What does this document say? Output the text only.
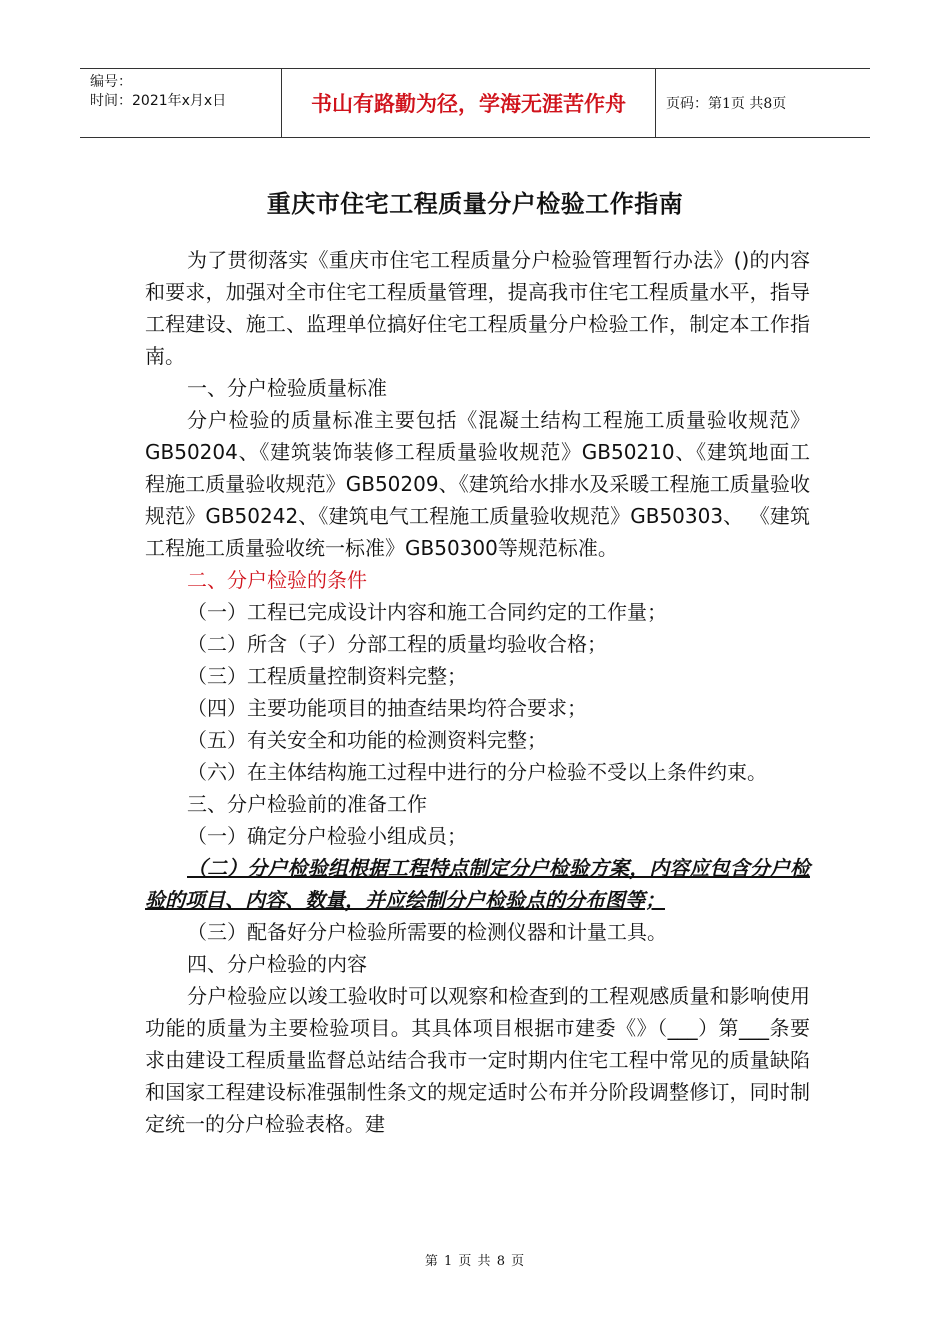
编号：
时间：2021年x月x日	书山有路勤为径，学海无涯苦作舟	页码：第1页 共8页
重庆市住宅工程质量分户检验工作指南

为了贯彻落实《重庆市住宅工程质量分户检验管理暂行办法》()的内容和要求，加强对全市住宅工程质量管理，提高我市住宅工程质量水平，指导工程建设、施工、监理单位搞好住宅工程质量分户检验工作，制定本工作指南。

一、分户检验质量标准

分户检验的质量标准主要包括《混凝土结构工程施工质量验收规范》GB50204、《建筑装饰装修工程质量验收规范》GB50210、《建筑地面工程施工质量验收规范》GB50209、《建筑给水排水及采暖工程施工质量验收规范》GB50242、《建筑电气工程施工质量验收规范》GB50303、 《建筑工程施工质量验收统一标准》GB50300等规范标准。

二、分户检验的条件

（一）工程已完成设计内容和施工合同约定的工作量；

（二）所含（子）分部工程的质量均验收合格；

（三）工程质量控制资料完整；

（四）主要功能项目的抽查结果均符合要求；

（五）有关安全和功能的检测资料完整；

（六）在主体结构施工过程中进行的分户检验不受以上条件约束。

三、分户检验前的准备工作

（一）确定分户检验小组成员；

（二）分户检验组根据工程特点制定分户检验方案，内容应包含分户检验的项目、内容、数量，并应绘制分户检验点的分布图等；

（三）配备好分户检验所需要的检测仪器和计量工具。

四、分户检验的内容

分户检验应以竣工验收时可以观察和检查到的工程观感质量和影响使用功能的质量为主要检验项目。其具体项目根据市建委《》（___）第___条要求由建设工程质量监督总站结合我市一定时期内住宅工程中常见的质量缺陷和国家工程建设标准强制性条文的规定适时公布并分阶段调整修订，同时制定统一的分户检验表格。建

第 1 页 共 8 页
